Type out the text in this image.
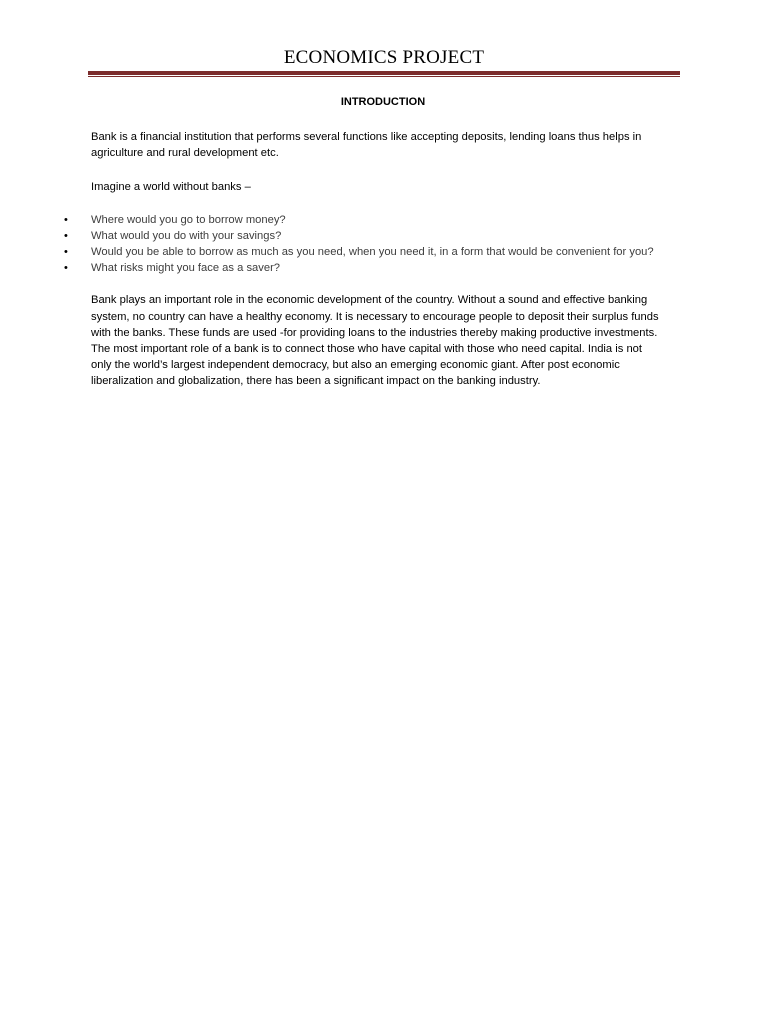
ECONOMICS PROJECT
INTRODUCTION

Bank is a financial institution that performs several functions like accepting deposits, lending loans thus helps in agriculture and rural development etc.

Imagine a world without banks –

• Where would you go to borrow money?
• What would you do with your savings?
• Would you be able to borrow as much as you need, when you need it, in a form that would be convenient for you?
• What risks might you face as a saver?
Bank plays an important role in the economic development of the country. Without a sound and effective banking
system, no country can have a healthy economy. It is necessary to encourage people to deposit their surplus funds
with the banks. These funds are used -for providing loans to the industries thereby making productive investments.
The most important role of a bank is to connect those who have capital with those who need capital. India is not
only the world’s largest independent democracy, but also an emerging economic giant. After post economic
liberalization and globalization, there has been a significant impact on the banking industry.
